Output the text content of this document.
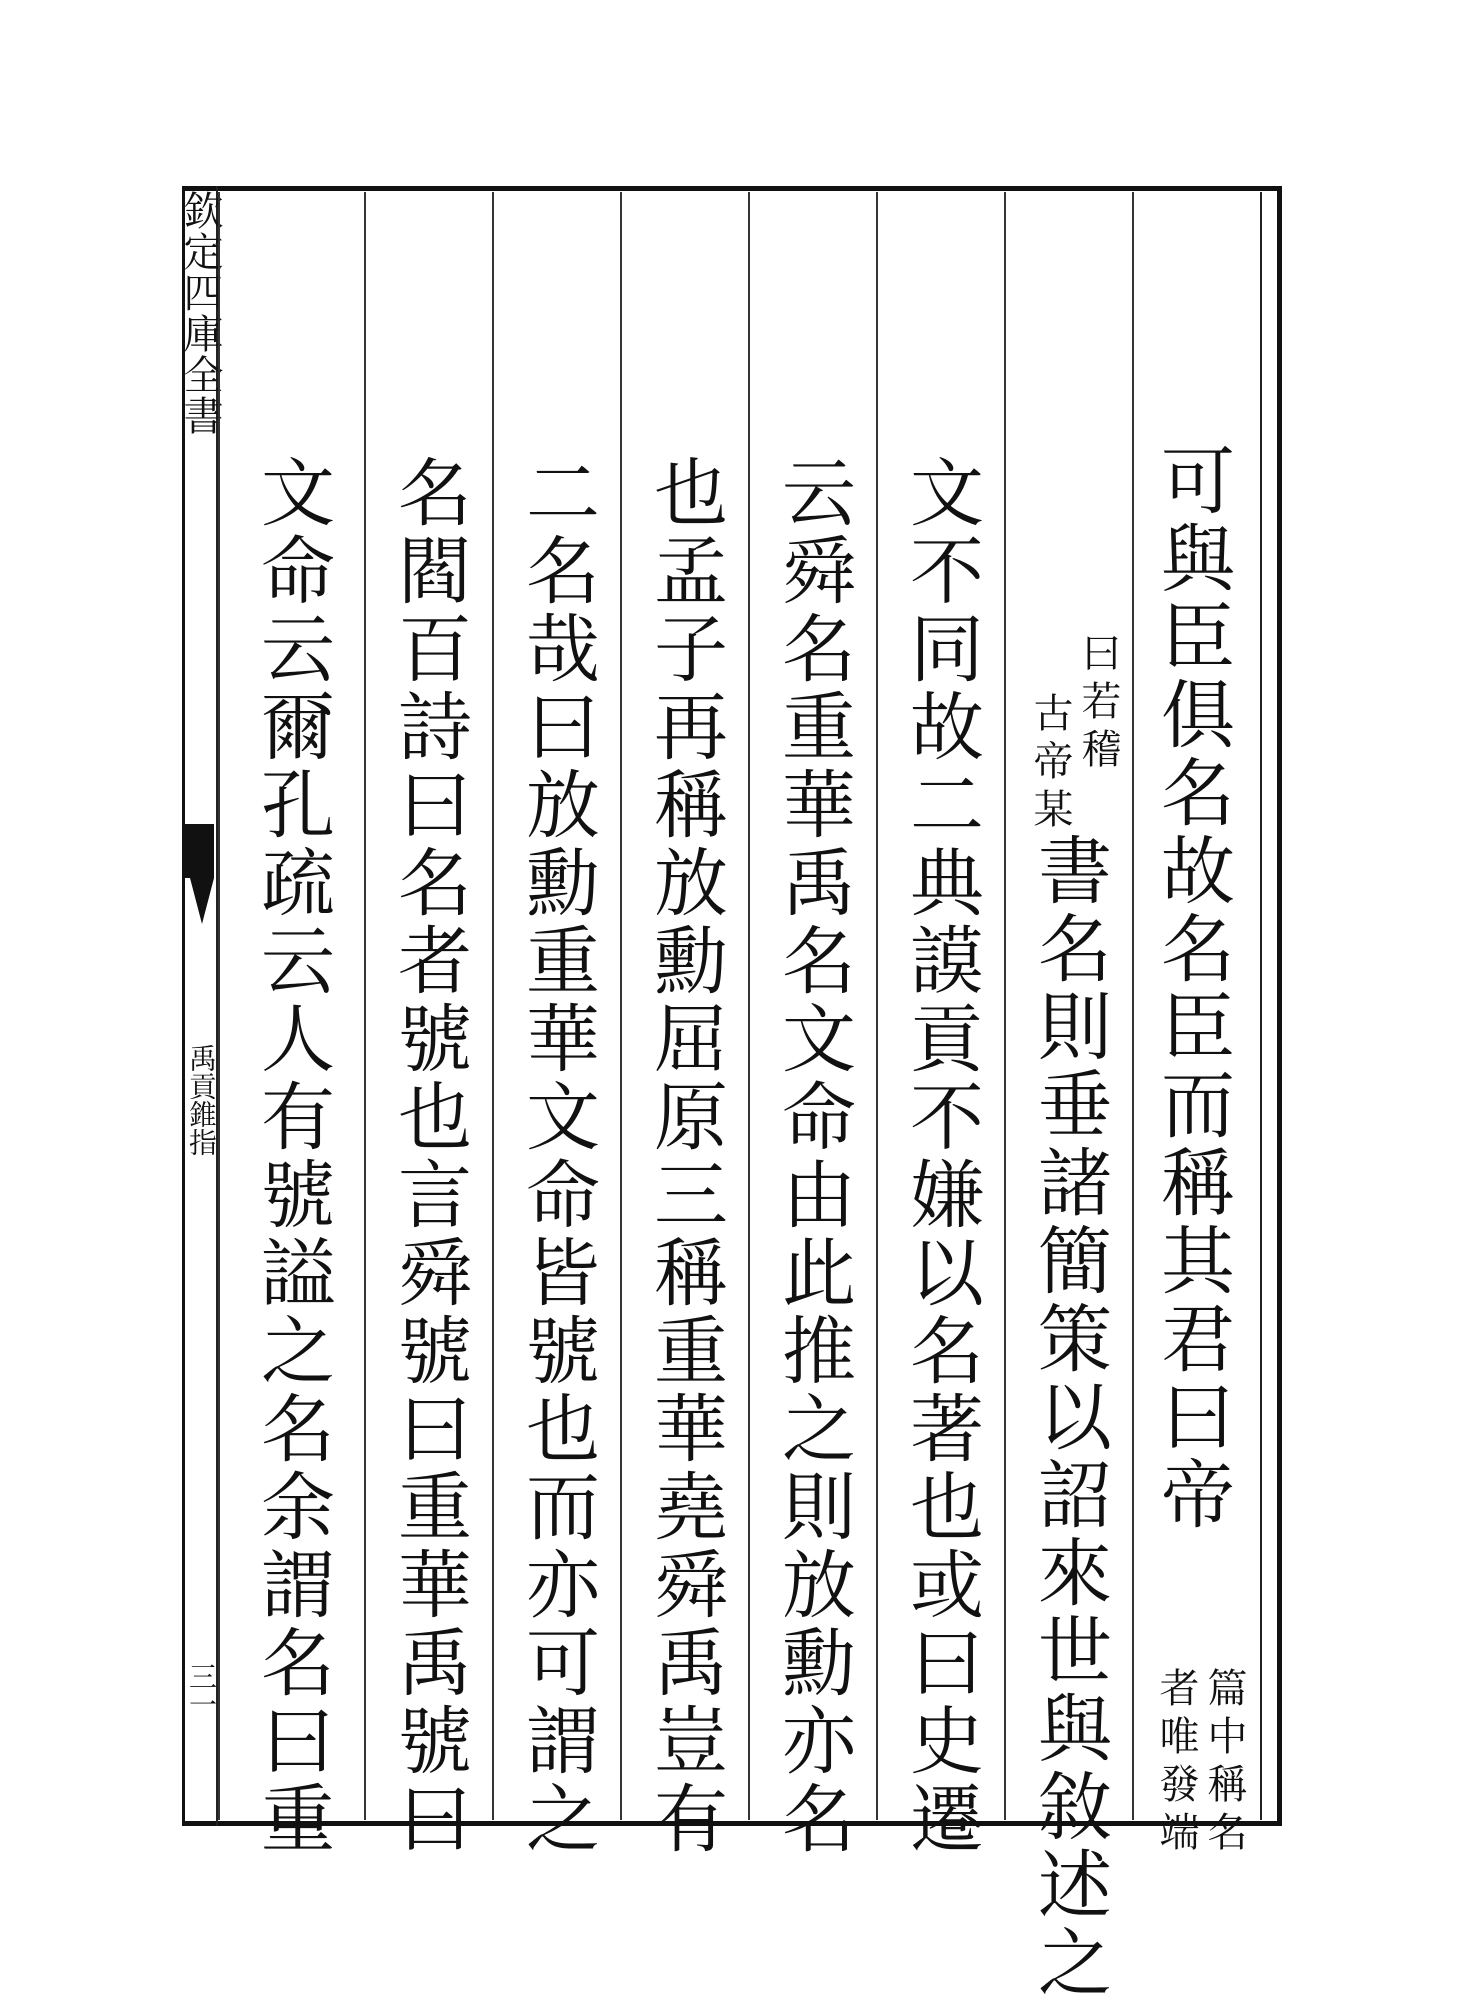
欽定四庫全書
禹貢錐指
三一
可與臣俱名故名臣而稱其君曰帝
篇中稱名
者唯發端
曰若稽
古帝某
書名則垂諸簡策以詔來世與敘述之
文不同故二典謨貢不嫌以名著也或曰史遷
云舜名重華禹名文命由此推之則放勳亦名
也孟子再稱放勳屈原三稱重華堯舜禹豈有
二名哉曰放勳重華文命皆號也而亦可謂之
名閻百詩曰名者號也言舜號曰重華禹號曰
文命云爾孔疏云人有號謚之名余謂名曰重
